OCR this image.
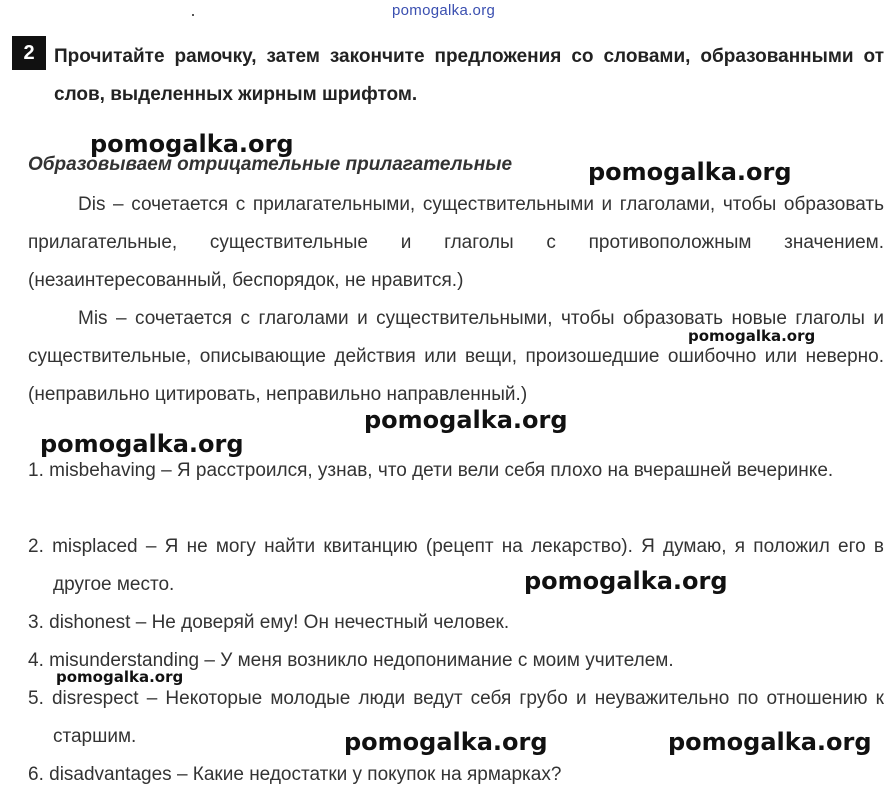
pomogalka.org
2	Прочитайте рамочку, затем закончите предложения со словами, образованными от слов, выделенных жирным шрифтом.
pomogalka.org
Образовываем отрицательные прилагательные	pomogalka.org
Dis – сочетается с прилагательными, существительными и глаголами, чтобы образовать прилагательные, существительные и глаголы с противоположным значением. (незаинтересованный, беспорядок, не нравится.)
Mis – сочетается с глаголами и существительными, чтобы образовать новые глаголы и существительные, описывающие действия или вещи, произошедшие ошибочно или неверно. (неправильно цитировать, неправильно направленный.)
pomogalka.org
pomogalka.org
pomogalka.org
1. misbehaving – Я расстроился, узнав, что дети вели себя плохо на вчерашней вечеринке.
2. misplaced – Я не могу найти квитанцию (рецепт на лекарство). Я думаю, я положил его в другое место.	pomogalka.org
3. dishonest – Не доверяй ему! Он нечестный человек.
4. misunderstanding – У меня возникло недопонимание с моим учителем.
pomogalka.org
5. disrespect – Некоторые молодые люди ведут себя грубо и неуважительно по отношению к старшим.	pomogalka.org	pomogalka.org
6. disadvantages – Какие недостатки у покупок на ярмарках?
